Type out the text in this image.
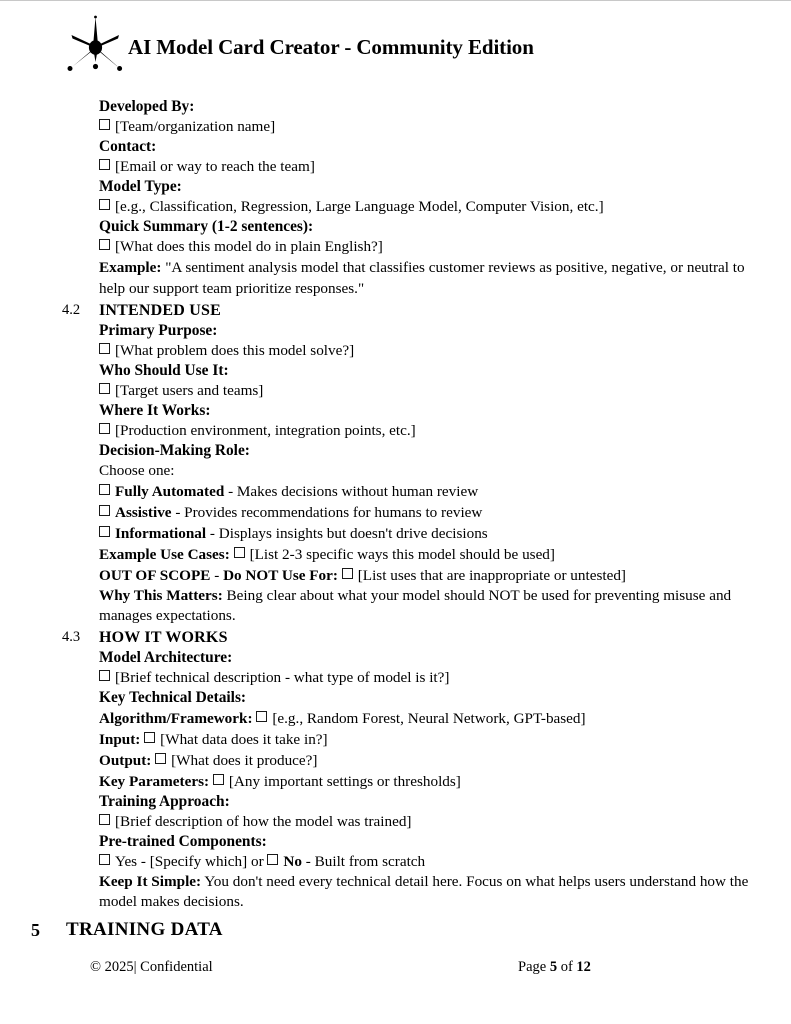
AI Model Card Creator - Community Edition
Developed By:
[Team/organization name]
Contact:
[Email or way to reach the team]
Model Type:
[e.g., Classification, Regression, Large Language Model, Computer Vision, etc.]
Quick Summary (1-2 sentences):
[What does this model do in plain English?]
Example: "A sentiment analysis model that classifies customer reviews as positive, negative, or neutral to help our support team prioritize responses."
4.2	INTENDED USE
Primary Purpose:
[What problem does this model solve?]
Who Should Use It:
[Target users and teams]
Where It Works:
[Production environment, integration points, etc.]
Decision-Making Role:
Choose one:
Fully Automated - Makes decisions without human review
Assistive - Provides recommendations for humans to review
Informational - Displays insights but doesn't drive decisions
Example Use Cases: [List 2-3 specific ways this model should be used]
OUT OF SCOPE - Do NOT Use For: [List uses that are inappropriate or untested]
Why This Matters: Being clear about what your model should NOT be used for preventing misuse and manages expectations.
4.3	HOW IT WORKS
Model Architecture:
[Brief technical description - what type of model is it?]
Key Technical Details:
Algorithm/Framework: [e.g., Random Forest, Neural Network, GPT-based]
Input: [What data does it take in?]
Output: [What does it produce?]
Key Parameters: [Any important settings or thresholds]
Training Approach:
[Brief description of how the model was trained]
Pre-trained Components:
Yes - [Specify which] or No - Built from scratch
Keep It Simple: You don't need every technical detail here. Focus on what helps users understand how the model makes decisions.
5	TRAINING DATA
© 2025| Confidential	Page 5 of 12
